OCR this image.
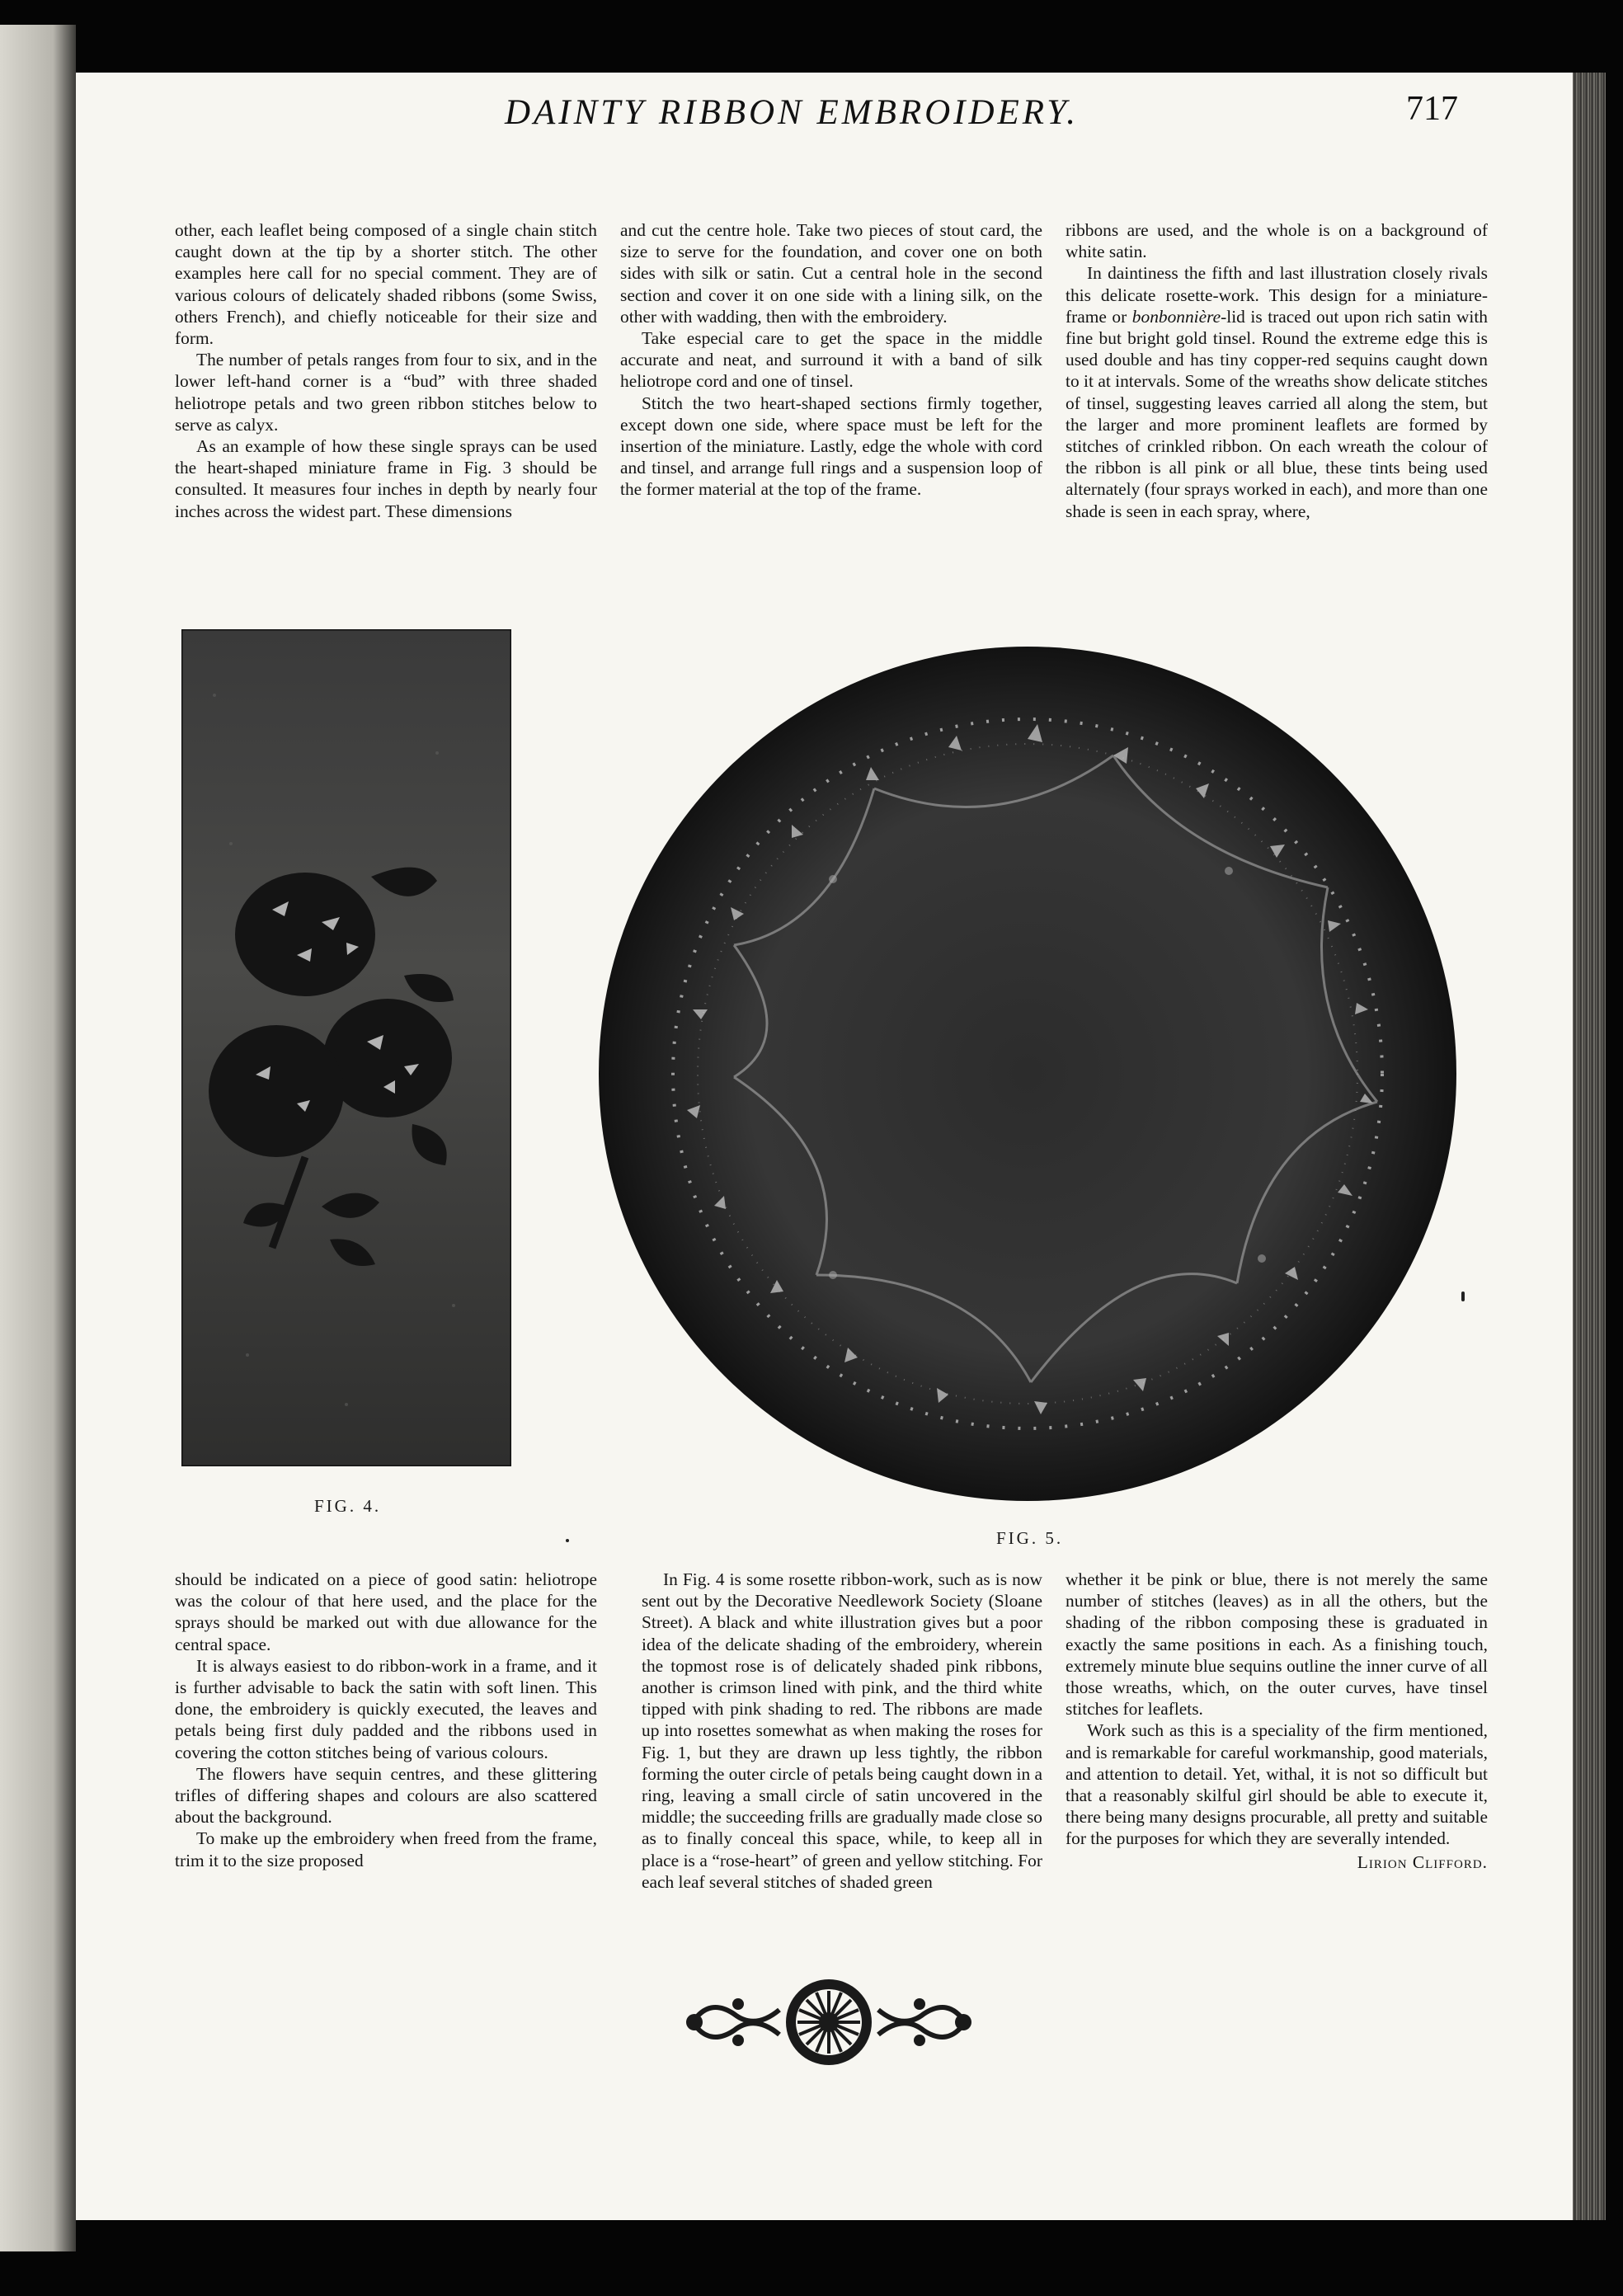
DAINTY RIBBON EMBROIDERY.	717

other, each leaflet being composed of a single chain stitch caught down at the tip by a shorter stitch. The other examples here call for no special comment. They are of various colours of delicately shaded ribbons (some Swiss, others French), and chiefly noticeable for their size and form.

The number of petals ranges from four to six, and in the lower left-hand corner is a “bud” with three shaded heliotrope petals and two green ribbon stitches below to serve as calyx.

As an example of how these single sprays can be used the heart-shaped miniature frame in Fig. 3 should be consulted. It measures four inches in depth by nearly four inches across the widest part. These dimensions

and cut the centre hole. Take two pieces of stout card, the size to serve for the foundation, and cover one on both sides with silk or satin. Cut a central hole in the second section and cover it on one side with a lining silk, on the other with wadding, then with the embroidery.

Take especial care to get the space in the middle accurate and neat, and surround it with a band of silk heliotrope cord and one of tinsel.

Stitch the two heart-shaped sections firmly together, except down one side, where space must be left for the insertion of the miniature. Lastly, edge the whole with cord and tinsel, and arrange full rings and a suspension loop of the former material at the top of the frame.

ribbons are used, and the whole is on a background of white satin.

In daintiness the fifth and last illustration closely rivals this delicate rosette-work. This design for a miniature-frame or bonbonnière-lid is traced out upon rich satin with fine but bright gold tinsel. Round the extreme edge this is used double and has tiny copper-red sequins caught down to it at intervals. Some of the wreaths show delicate stitches of tinsel, suggesting leaves carried all along the stem, but the larger and more prominent leaflets are formed by stitches of crinkled ribbon. On each wreath the colour of the ribbon is all pink or all blue, these tints being used alternately (four sprays worked in each), and more than one shade is seen in each spray, where,

FIG. 4.
FIG. 5.

should be indicated on a piece of good satin: heliotrope was the colour of that here used, and the place for the sprays should be marked out with due allowance for the central space.

It is always easiest to do ribbon-work in a frame, and it is further advisable to back the satin with soft linen. This done, the embroidery is quickly executed, the leaves and petals being first duly padded and the ribbons used in covering the cotton stitches being of various colours.

The flowers have sequin centres, and these glittering trifles of differing shapes and colours are also scattered about the background.

To make up the embroidery when freed from the frame, trim it to the size proposed

In Fig. 4 is some rosette ribbon-work, such as is now sent out by the Decorative Needlework Society (Sloane Street). A black and white illustration gives but a poor idea of the delicate shading of the embroidery, wherein the topmost rose is of delicately shaded pink ribbons, another is crimson lined with pink, and the third white tipped with pink shading to red. The ribbons are made up into rosettes somewhat as when making the roses for Fig. 1, but they are drawn up less tightly, the ribbon forming the outer circle of petals being caught down in a ring, leaving a small circle of satin uncovered in the middle; the succeeding frills are gradually made close so as to finally conceal this space, while, to keep all in place is a “rose-heart” of green and yellow stitching. For each leaf several stitches of shaded green

whether it be pink or blue, there is not merely the same number of stitches (leaves) as in all the others, but the shading of the ribbon composing these is graduated in exactly the same positions in each. As a finishing touch, extremely minute blue sequins outline the inner curve of all those wreaths, which, on the outer curves, have tinsel stitches for leaflets.

Work such as this is a speciality of the firm mentioned, and is remarkable for careful workmanship, good materials, and attention to detail. Yet, withal, it is not so difficult but that a reasonably skilful girl should be able to execute it, there being many designs procurable, all pretty and suitable for the purposes for which they are severally intended.

Lirion Clifford.
